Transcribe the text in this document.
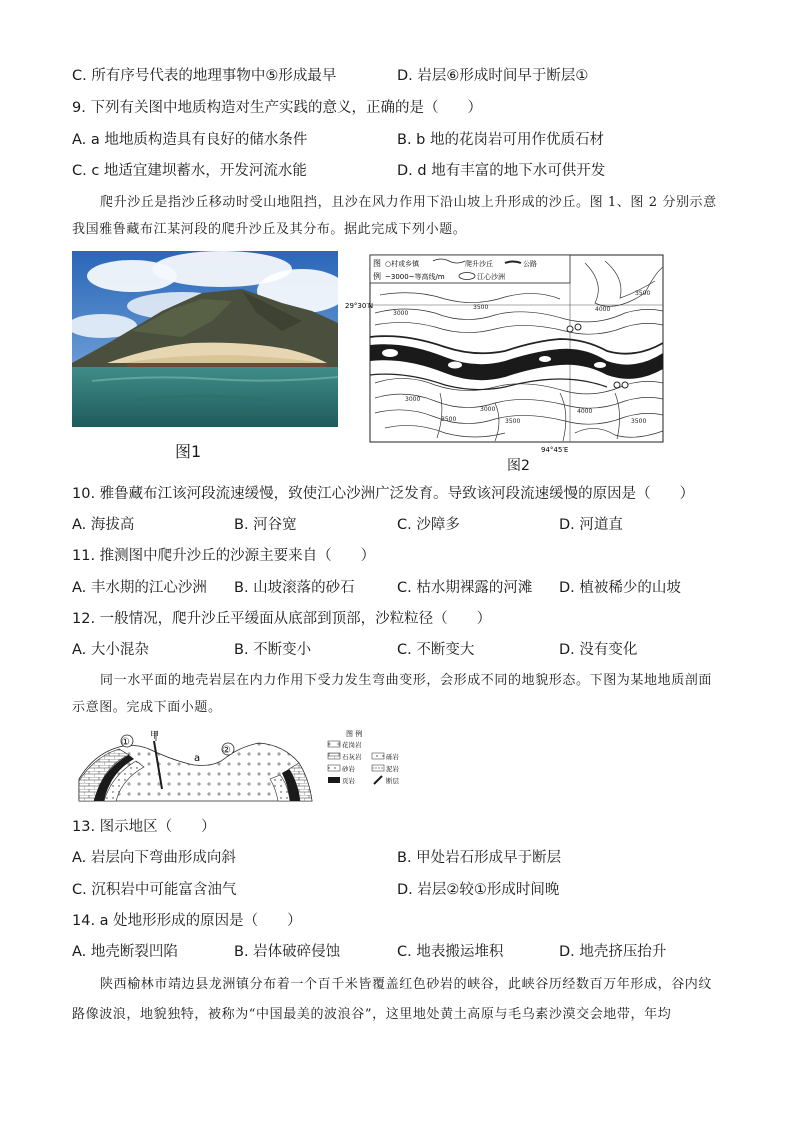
C. 所有序号代表的地理事物中⑤形成最早	D. 岩层⑥形成时间早于断层①
9. 下列有关图中地质构造对生产实践的意义，正确的是（　　）
A. a 地地质构造具有良好的储水条件	B. b 地的花岗岩可用作优质石材
C. c 地适宜建坝蓄水，开发河流水能	D. d 地有丰富的地下水可供开发
爬升沙丘是指沙丘移动时受山地阻挡，且沙在风力作用下沿山坡上升形成的沙丘。图 1、图 2 分别示意我国雅鲁藏布江某河段的爬升沙丘及其分布。据此完成下列小题。
图1
图
例
○村或乡镇	爬升沙丘	公路
~3000~等高线/m	江心沙洲
29°30′N
94°45′E
3000
3500
3000
3500
3000
3500
4000
3500
4000
3500
图2
10. 雅鲁藏布江该河段流速缓慢，致使江心沙洲广泛发育。导致该河段流速缓慢的原因是（　　）
A. 海拔高	B. 河谷宽	C. 沙障多	D. 河道直
11. 推测图中爬升沙丘的沙源主要来自（　　）
A. 丰水期的江心沙洲 B. 山坡滚落的砂石	C. 枯水期裸露的河滩 D. 植被稀少的山坡
12. 一般情况，爬升沙丘平缓面从底部到顶部，沙粒粒径（　　）
A. 大小混杂	B. 不断变小	C. 不断变大	D. 没有变化
同一水平面的地壳岩层在内力作用下受力发生弯曲变形，会形成不同的地貌形态。下图为某地地质剖面示意图。完成下面小题。
①
甲
a
②
图 例
花岗岩
石灰岩	砾岩
砂岩	泥岩
页岩	断层
13. 图示地区（　　）
A. 岩层向下弯曲形成向斜	B. 甲处岩石形成早于断层
C. 沉积岩中可能富含油气	D. 岩层②较①形成时间晚
14. a 处地形形成的原因是（　　）
A. 地壳断裂凹陷	B. 岩体破碎侵蚀	C. 地表搬运堆积	D. 地壳挤压抬升
陕西榆林市靖边县龙洲镇分布着一个百千米皆覆盖红色砂岩的峡谷，此峡谷历经数百万年形成，谷内纹路像波浪，地貌独特，被称为“中国最美的波浪谷”，这里地处黄土高原与毛乌素沙漠交会地带，年均
